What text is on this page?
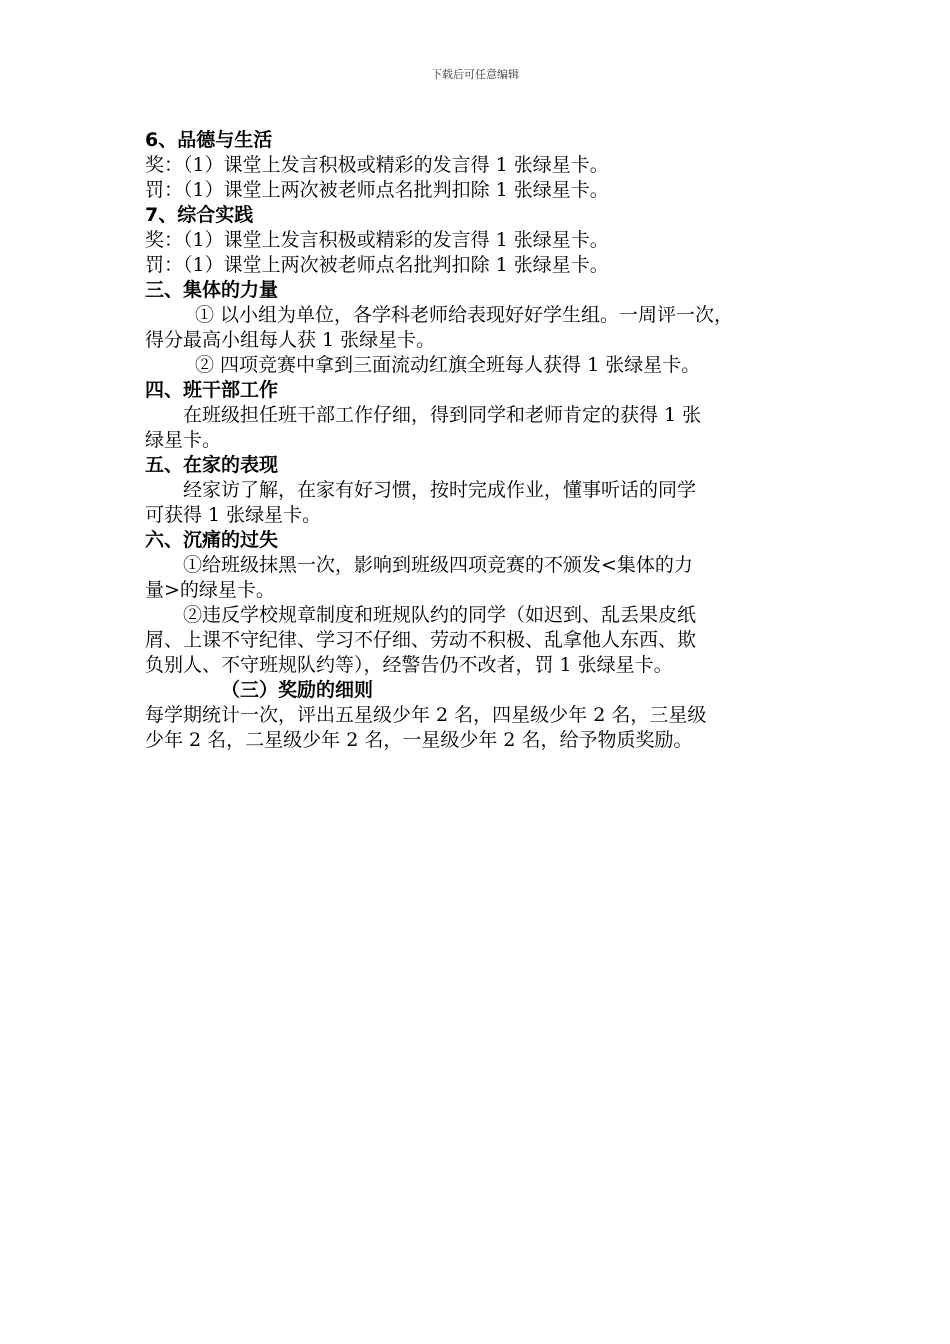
下载后可任意编辑
6、品德与生活
奖：（1）课堂上发言积极或精彩的发言得 1 张绿星卡。
罚：（1）课堂上两次被老师点名批判扣除 1 张绿星卡。
7、综合实践
奖：（1）课堂上发言积极或精彩的发言得 1 张绿星卡。
罚：（1）课堂上两次被老师点名批判扣除 1 张绿星卡。
三、集体的力量
① 以小组为单位，各学科老师给表现好好学生组。一周评一次，
得分最高小组每人获 1 张绿星卡。
② 四项竞赛中拿到三面流动红旗全班每人获得 1 张绿星卡。
四、班干部工作
在班级担任班干部工作仔细，得到同学和老师肯定的获得 1 张
绿星卡。
五、在家的表现
经家访了解，在家有好习惯，按时完成作业，懂事听话的同学
可获得 1 张绿星卡。
六、沉痛的过失
①给班级抹黑一次，影响到班级四项竞赛的不颁发<集体的力
量>的绿星卡。
②违反学校规章制度和班规队约的同学（如迟到、乱丢果皮纸
屑、上课不守纪律、学习不仔细、劳动不积极、乱拿他人东西、欺
负别人、不守班规队约等），经警告仍不改者，罚 1 张绿星卡。
（三）奖励的细则
每学期统计一次，评出五星级少年 2 名，四星级少年 2 名，三星级
少年 2 名，二星级少年 2 名，一星级少年 2 名，给予物质奖励。
